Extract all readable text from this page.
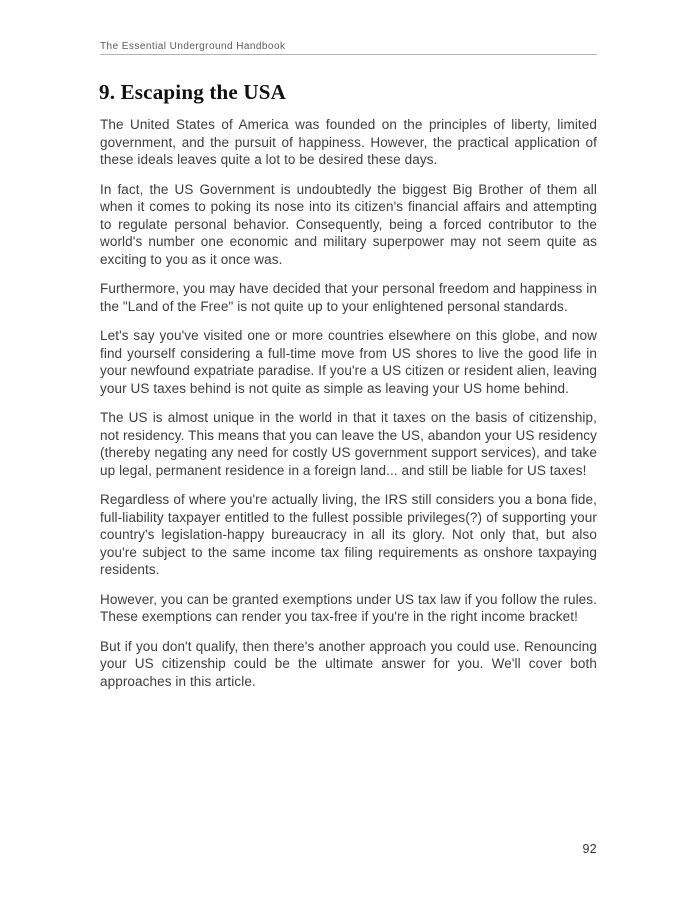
The Essential Underground Handbook
9. Escaping the USA

The United States of America was founded on the principles of liberty, limited government, and the pursuit of happiness. However, the practical application of these ideals leaves quite a lot to be desired these days.

In fact, the US Government is undoubtedly the biggest Big Brother of them all when it comes to poking its nose into its citizen's financial affairs and attempting to regulate personal behavior. Consequently, being a forced contributor to the world's number one economic and military superpower may not seem quite as exciting to you as it once was.

Furthermore, you may have decided that your personal freedom and happiness in the "Land of the Free" is not quite up to your enlightened personal standards.

Let's say you've visited one or more countries elsewhere on this globe, and now find yourself considering a full-time move from US shores to live the good life in your newfound expatriate paradise. If you're a US citizen or resident alien, leaving your US taxes behind is not quite as simple as leaving your US home behind.

The US is almost unique in the world in that it taxes on the basis of citizenship, not residency. This means that you can leave the US, abandon your US residency (thereby negating any need for costly US government support services), and take up legal, permanent residence in a foreign land... and still be liable for US taxes!

Regardless of where you're actually living, the IRS still considers you a bona fide, full-liability taxpayer entitled to the fullest possible privileges(?) of supporting your country's legislation-happy bureaucracy in all its glory. Not only that, but also you're subject to the same income tax filing requirements as onshore taxpaying residents.

However, you can be granted exemptions under US tax law if you follow the rules. These exemptions can render you tax-free if you're in the right income bracket!

But if you don't qualify, then there's another approach you could use. Renouncing your US citizenship could be the ultimate answer for you. We'll cover both approaches in this article.

92
